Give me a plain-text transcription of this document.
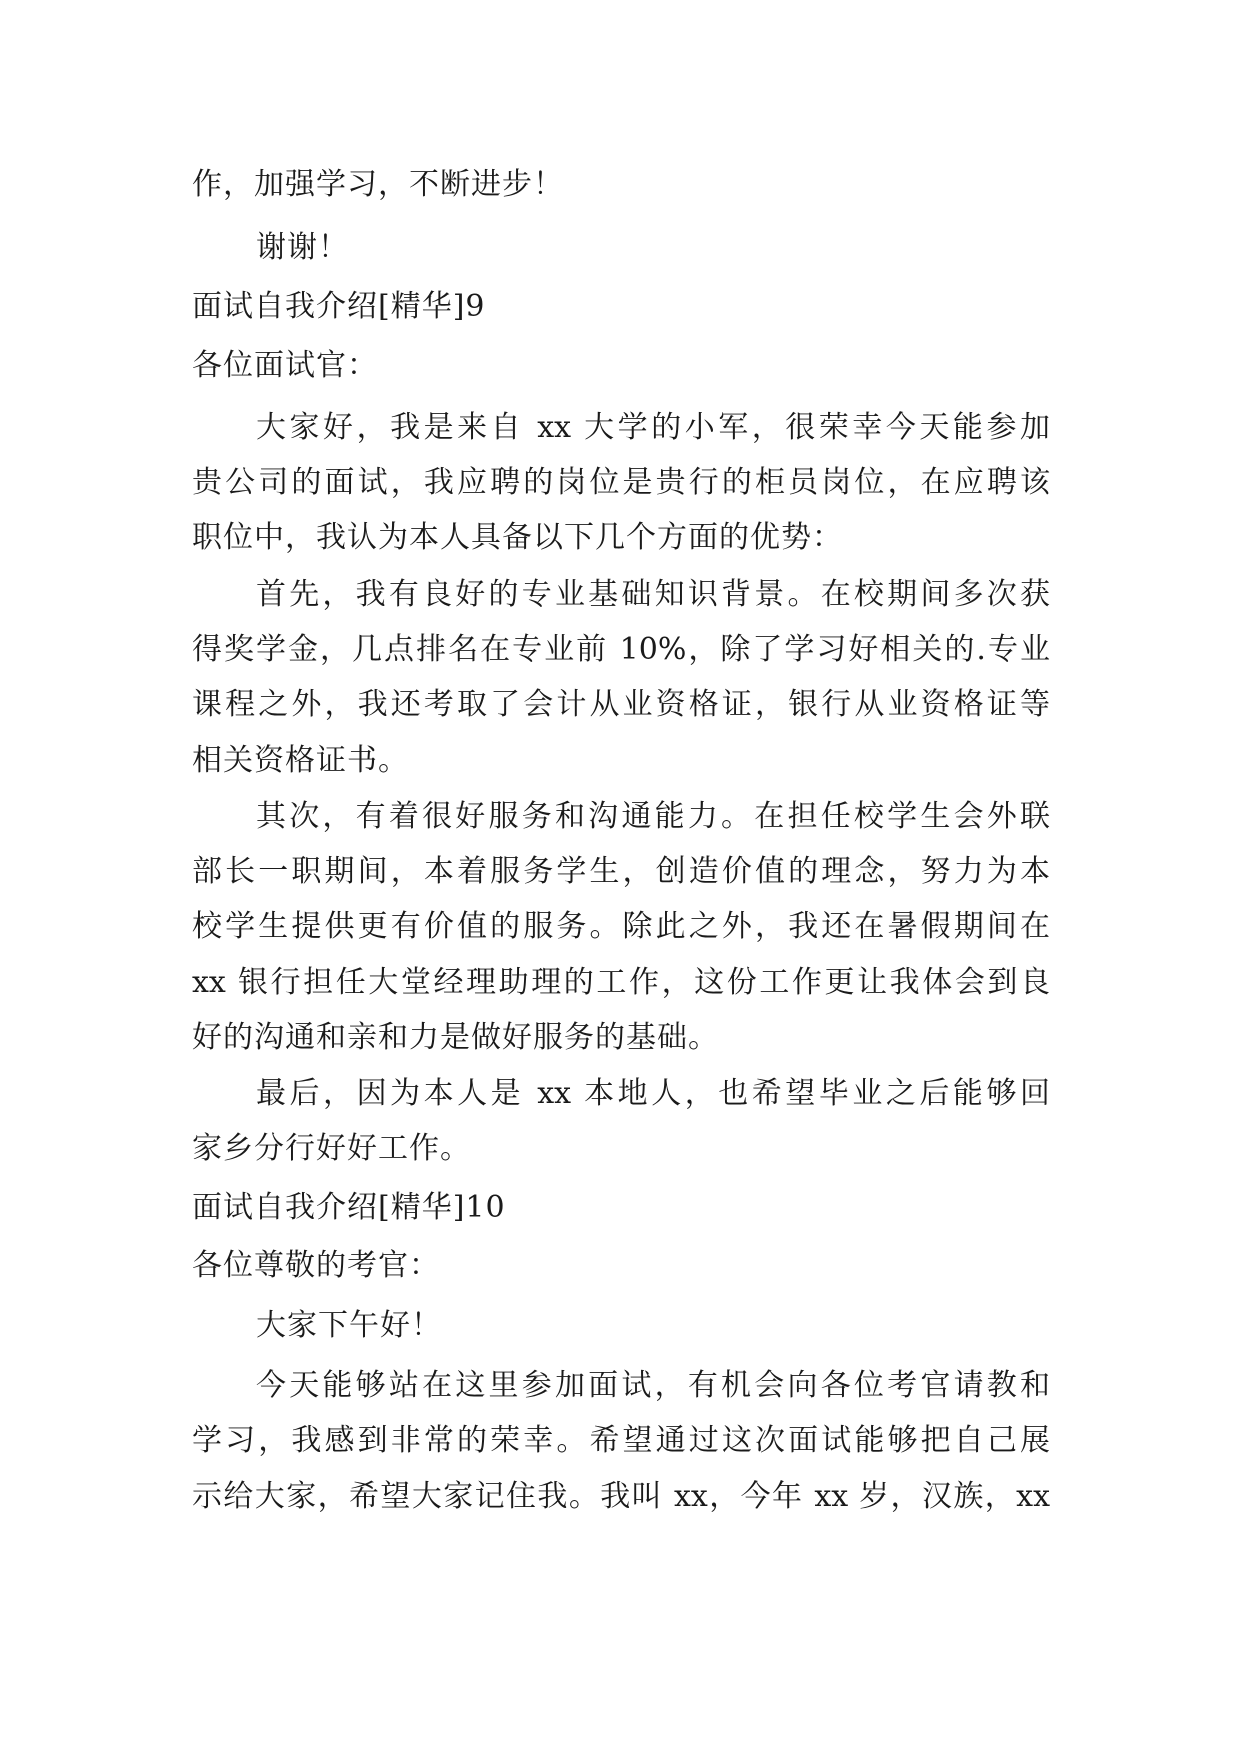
作，加强学习，不断进步！
谢谢！
面试自我介绍[精华]9
各位面试官：
大家好，我是来自 xx 大学的小军，很荣幸今天能参加
贵公司的面试，我应聘的岗位是贵行的柜员岗位，在应聘该
职位中，我认为本人具备以下几个方面的优势：
首先，我有良好的专业基础知识背景。在校期间多次获
得奖学金，几点排名在专业前 10%，除了学习好相关的.专业
课程之外，我还考取了会计从业资格证，银行从业资格证等
相关资格证书。
其次，有着很好服务和沟通能力。在担任校学生会外联
部长一职期间，本着服务学生，创造价值的理念，努力为本
校学生提供更有价值的服务。除此之外，我还在暑假期间在
xx 银行担任大堂经理助理的工作，这份工作更让我体会到良
好的沟通和亲和力是做好服务的基础。
最后，因为本人是 xx 本地人，也希望毕业之后能够回
家乡分行好好工作。
面试自我介绍[精华]10
各位尊敬的考官：
大家下午好！
今天能够站在这里参加面试，有机会向各位考官请教和
学习，我感到非常的荣幸。希望通过这次面试能够把自己展
示给大家，希望大家记住我。我叫 xx，今年 xx 岁，汉族，xx
